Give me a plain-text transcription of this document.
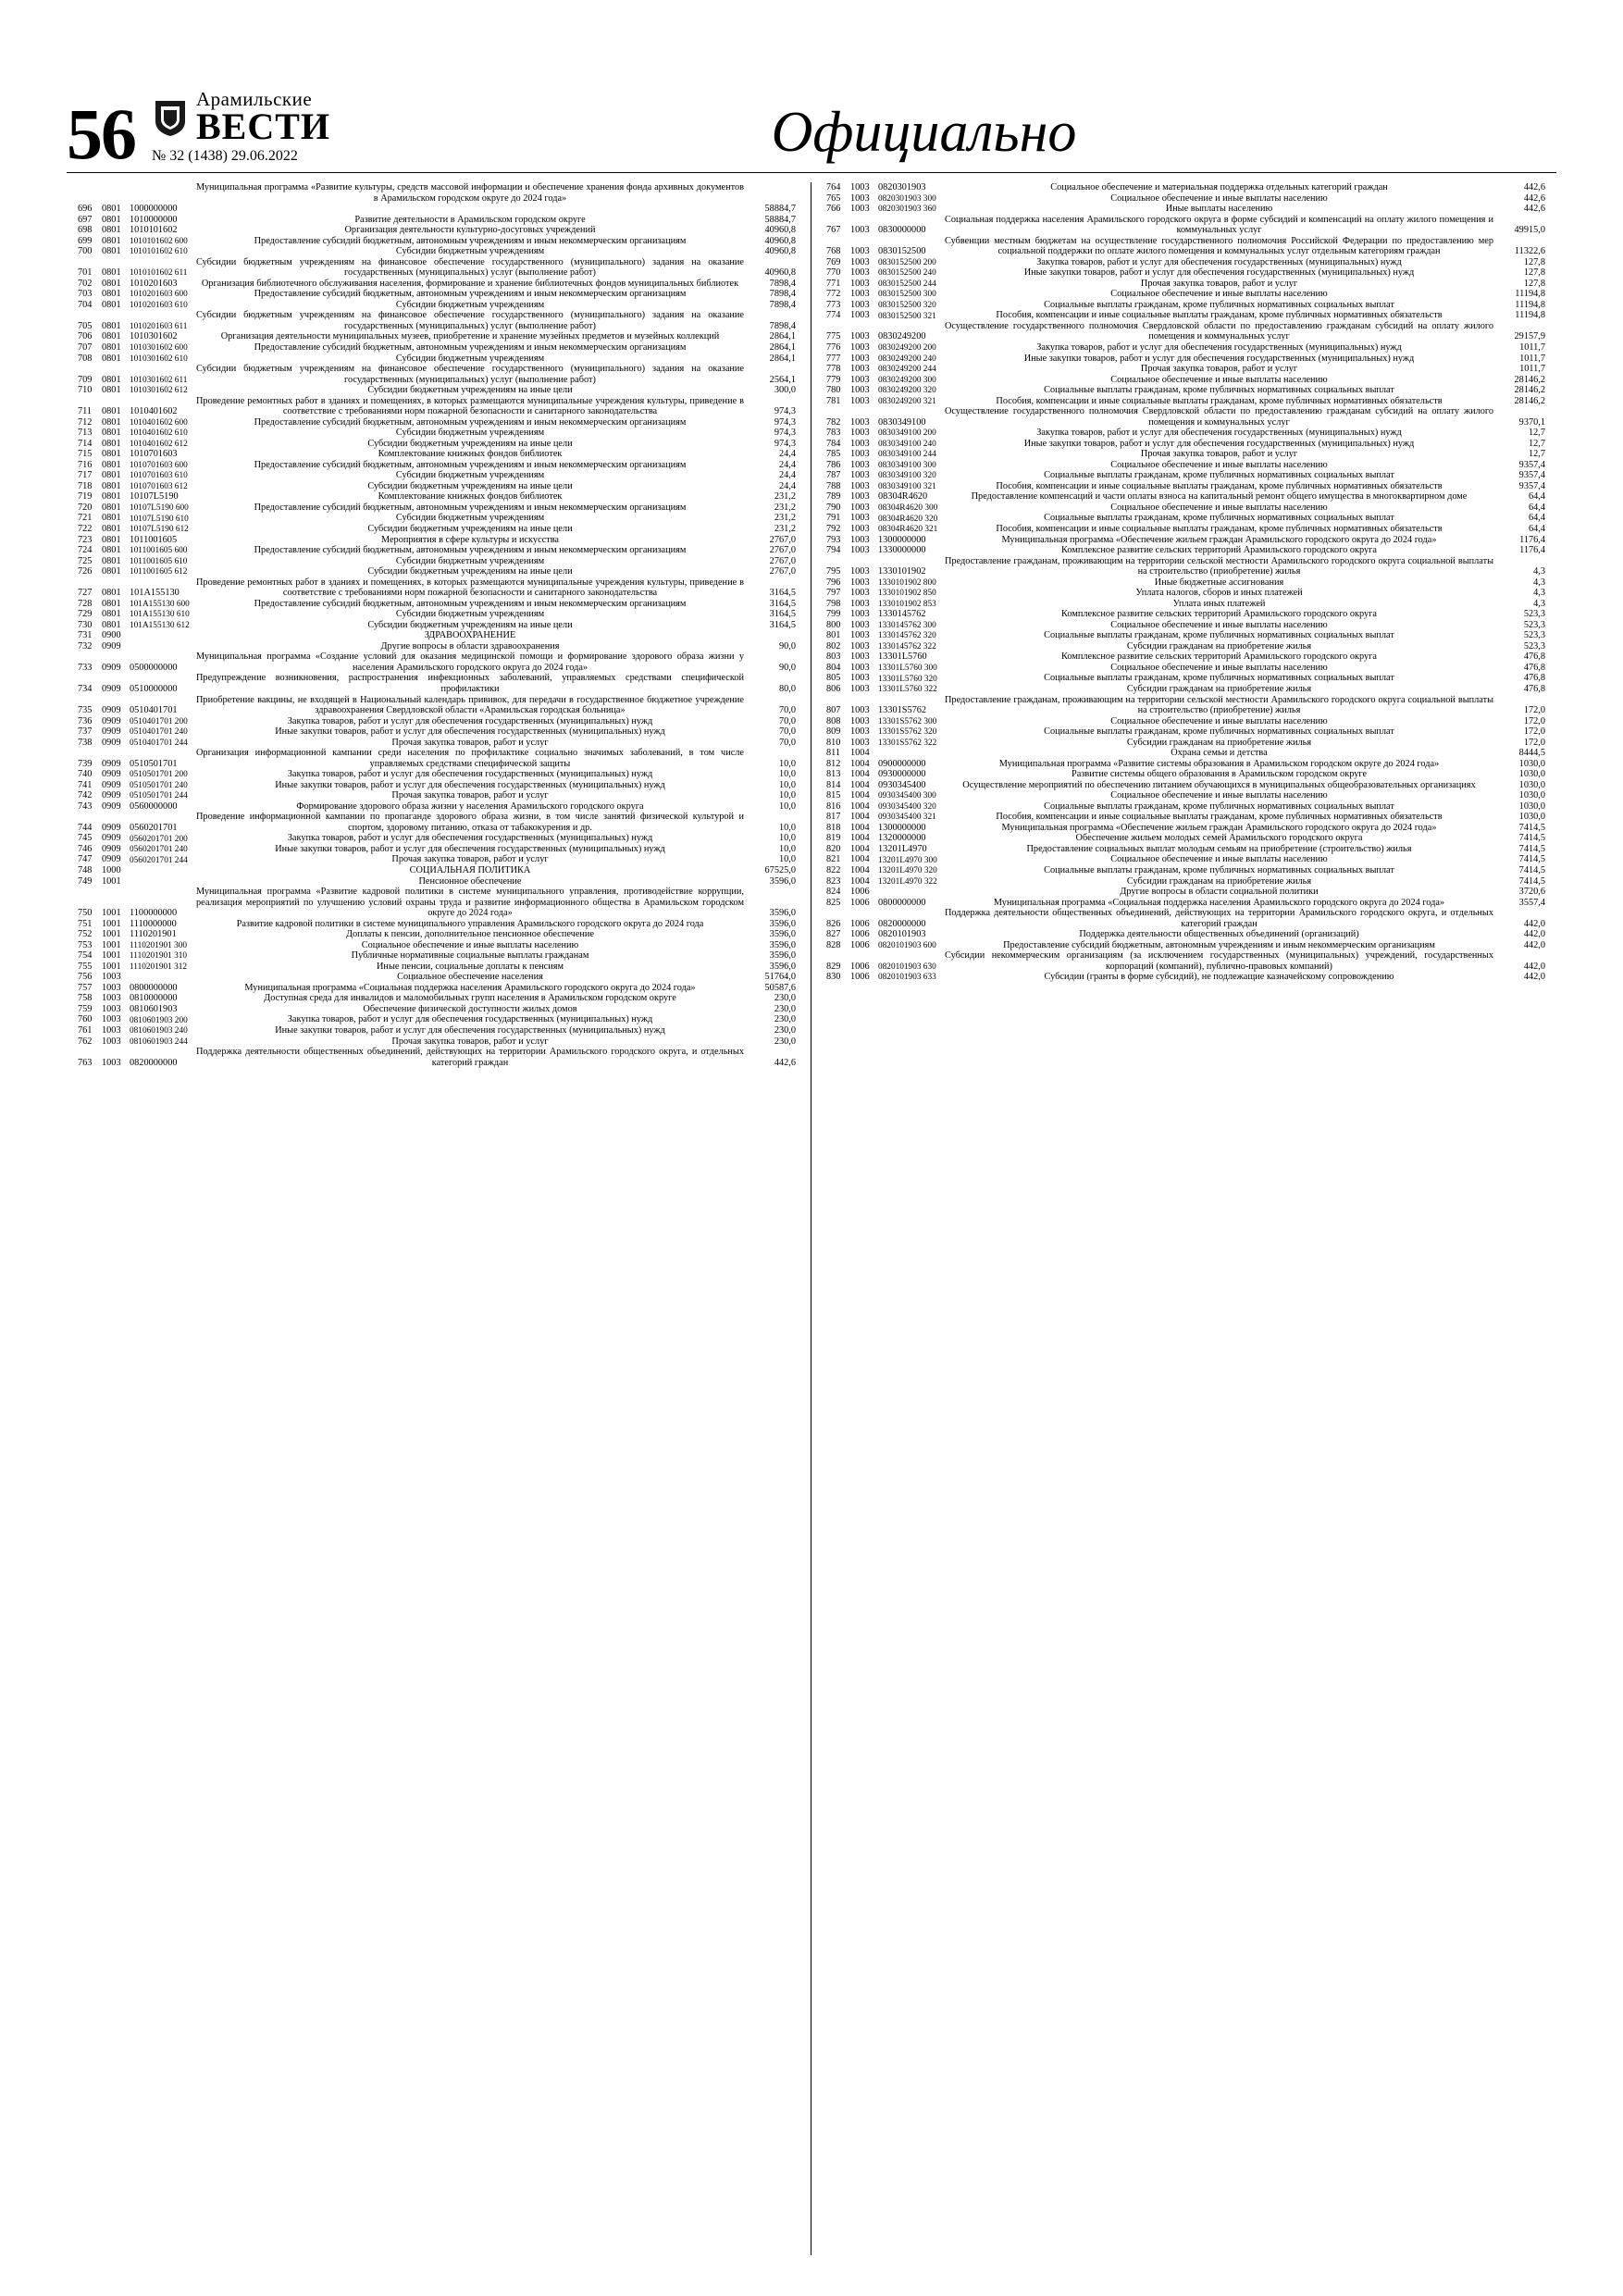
56	Арамильские
ВЕСТИ
№ 32 (1438) 29.06.2022	Официально
			Муниципальная программа «Развитие культуры, средств массовой информации и обеспечение хранения фонда архивных документов в Арамильском городском округе до 2024 года»	
696	0801	1000000000		58884,7
697	0801	1010000000	Развитие деятельности в Арамильском городском округе	58884,7
698	0801	1010101602	Организация деятельности культурно-досуговых учреждений	40960,8
699	0801	1010101602 600	Предоставление субсидий бюджетным, автономным учреждениям и иным некоммерческим организациям	40960,8
700	0801	1010101602 610	Субсидии бюджетным учреждениям	40960,8
701	0801	1010101602 611	Субсидии бюджетным учреждениям на финансовое обеспечение государственного (муниципального) задания на оказание государственных (муниципальных) услуг (выполнение работ)	40960,8
702	0801	1010201603	Организация библиотечного обслуживания населения, формирование и хранение библиотечных фондов муниципальных библиотек	7898,4
703	0801	1010201603 600	Предоставление субсидий бюджетным, автономным учреждениям и иным некоммерческим организациям	7898,4
704	0801	1010201603 610	Субсидии бюджетным учреждениям	7898,4
705	0801	1010201603 611	Субсидии бюджетным учреждениям на финансовое обеспечение государственного (муниципального) задания на оказание государственных (муниципальных) услуг (выполнение работ)	7898,4
706	0801	1010301602	Организация деятельности муниципальных музеев, приобретение и хранение музейных предметов и музейных коллекций	2864,1
707	0801	1010301602 600	Предоставление субсидий бюджетным, автономным учреждениям и иным некоммерческим организациям	2864,1
708	0801	1010301602 610	Субсидии бюджетным учреждениям	2864,1
709	0801	1010301602 611	Субсидии бюджетным учреждениям на финансовое обеспечение государственного (муниципального) задания на оказание государственных (муниципальных) услуг (выполнение работ)	2564,1
710	0801	1010301602 612	Субсидии бюджетным учреждениям на иные цели	300,0
711	0801	1010401602	Проведение ремонтных работ в зданиях и помещениях, в которых размещаются муниципальные учреждения культуры, приведение в соответствие с требованиями норм пожарной безопасности и санитарного законодательства	974,3
712	0801	1010401602 600	Предоставление субсидий бюджетным, автономным учреждениям и иным некоммерческим организациям	974,3
713	0801	1010401602 610	Субсидии бюджетным учреждениям	974,3
714	0801	1010401602 612	Субсидии бюджетным учреждениям на иные цели	974,3
715	0801	1010701603	Комплектование книжных фондов библиотек	24,4
716	0801	1010701603 600	Предоставление субсидий бюджетным, автономным учреждениям и иным некоммерческим организациям	24,4
717	0801	1010701603 610	Субсидии бюджетным учреждениям	24,4
718	0801	1010701603 612	Субсидии бюджетным учреждениям на иные цели	24,4
719	0801	10107L5190	Комплектование книжных фондов библиотек	231,2
720	0801	10107L5190 600	Предоставление субсидий бюджетным, автономным учреждениям и иным некоммерческим организациям	231,2
721	0801	10107L5190 610	Субсидии бюджетным учреждениям	231,2
722	0801	10107L5190 612	Субсидии бюджетным учреждениям на иные цели	231,2
723	0801	1011001605	Мероприятия в сфере культуры и искусства	2767,0
724	0801	1011001605 600	Предоставление субсидий бюджетным, автономным учреждениям и иным некоммерческим организациям	2767,0
725	0801	1011001605 610	Субсидии бюджетным учреждениям	2767,0
726	0801	1011001605 612	Субсидии бюджетным учреждениям на иные цели	2767,0
727	0801	101А155130	Проведение ремонтных работ в зданиях и помещениях, в которых размещаются муниципальные учреждения культуры, приведение в соответствие с требованиями норм пожарной безопасности и санитарного законодательства	3164,5
728	0801	101А155130 600	Предоставление субсидий бюджетным, автономным учреждениям и иным некоммерческим организациям	3164,5
729	0801	101А155130 610	Субсидии бюджетным учреждениям	3164,5
730	0801	101А155130 612	Субсидии бюджетным учреждениям на иные цели	3164,5
731	0900		ЗДРАВООХРАНЕНИЕ	
732	0909		Другие вопросы в области здравоохранения	90,0
733	0909	0500000000	Муниципальная программа «Создание условий для оказания медицинской помощи и формирование здорового образа жизни у населения Арамильского городского округа до 2024 года»	90,0
734	0909	0510000000	Предупреждение возникновения, распространения инфекционных заболеваний, управляемых средствами специфической профилактики	80,0
735	0909	0510401701	Приобретение вакцины, не входящей в Национальный календарь прививок, для передачи в государственное бюджетное учреждение здравоохранения Свердловской области «Арамильская городская больница»	70,0
736	0909	0510401701 200	Закупка товаров, работ и услуг для обеспечения государственных (муниципальных) нужд	70,0
737	0909	0510401701 240	Иные закупки товаров, работ и услуг для обеспечения государственных (муниципальных) нужд	70,0
738	0909	0510401701 244	Прочая закупка товаров, работ и услуг	70,0
739	0909	0510501701	Организация информационной кампании среди населения по профилактике социально значимых заболеваний, в том числе управляемых средствами специфической защиты	10,0
740	0909	0510501701 200	Закупка товаров, работ и услуг для обеспечения государственных (муниципальных) нужд	10,0
741	0909	0510501701 240	Иные закупки товаров, работ и услуг для обеспечения государственных (муниципальных) нужд	10,0
742	0909	0510501701 244	Прочая закупка товаров, работ и услуг	10,0
743	0909	0560000000	Формирование здорового образа жизни у населения Арамильского городского округа	10,0
744	0909	0560201701	Проведение информационной кампании по пропаганде здорового образа жизни, в том числе занятий физической культурой и спортом, здоровому питанию, отказа от табакокурения и др.	10,0
745	0909	0560201701 200	Закупка товаров, работ и услуг для обеспечения государственных (муниципальных) нужд	10,0
746	0909	0560201701 240	Иные закупки товаров, работ и услуг для обеспечения государственных (муниципальных) нужд	10,0
747	0909	0560201701 244	Прочая закупка товаров, работ и услуг	10,0
748	1000		СОЦИАЛЬНАЯ ПОЛИТИКА	67525,0
749	1001		Пенсионное обеспечение	3596,0
750	1001	1100000000	Муниципальная программа «Развитие кадровой политики в системе муниципального управления, противодействие коррупции, реализация мероприятий по улучшению условий охраны труда и развитие информационного общества в Арамильском городском округе до 2024 года»	3596,0
751	1001	1110000000	Развитие кадровой политики в системе муниципального управления Арамильского городского округа до 2024 года	3596,0
752	1001	1110201901	Доплаты к пенсии, дополнительное пенсионное обеспечение	3596,0
753	1001	1110201901 300	Социальное обеспечение и иные выплаты населению	3596,0
754	1001	1110201901 310	Публичные нормативные социальные выплаты гражданам	3596,0
755	1001	1110201901 312	Иные пенсии, социальные доплаты к пенсиям	3596,0
756	1003		Социальное обеспечение населения	51764,0
757	1003	0800000000	Муниципальная программа «Социальная поддержка населения Арамильского городского округа до 2024 года»	50587,6
758	1003	0810000000	Доступная среда для инвалидов и маломобильных групп населения в Арамильском городском округе	230,0
759	1003	0810601903	Обеспечение физической доступности жилых домов	230,0
760	1003	0810601903 200	Закупка товаров, работ и услуг для обеспечения государственных (муниципальных) нужд	230,0
761	1003	0810601903 240	Иные закупки товаров, работ и услуг для обеспечения государственных (муниципальных) нужд	230,0
762	1003	0810601903 244	Прочая закупка товаров, работ и услуг	230,0
763	1003	0820000000	Поддержка деятельности общественных объединений, действующих на территории Арамильского городского округа, и отдельных категорий граждан	442,6
764	1003	0820301903	Социальное обеспечение и материальная поддержка отдельных категорий граждан	442,6
765	1003	0820301903 300	Социальное обеспечение и иные выплаты населению	442,6
766	1003	0820301903 360	Иные выплаты населению	442,6
767	1003	0830000000	Социальная поддержка населения Арамильского городского округа в форме субсидий и компенсаций на оплату жилого помещения и коммунальных услуг	49915,0
768	1003	0830152500	Субвенции местным бюджетам на осуществление государственного полномочия Российской Федерации по предоставлению мер социальной поддержки по оплате жилого помещения и коммунальных услуг отдельным категориям граждан	11322,6
769	1003	0830152500 200	Закупка товаров, работ и услуг для обеспечения государственных (муниципальных) нужд	127,8
770	1003	0830152500 240	Иные закупки товаров, работ и услуг для обеспечения государственных (муниципальных) нужд	127,8
771	1003	0830152500 244	Прочая закупка товаров, работ и услуг	127,8
772	1003	0830152500 300	Социальное обеспечение и иные выплаты населению	11194,8
773	1003	0830152500 320	Социальные выплаты гражданам, кроме публичных нормативных социальных выплат	11194,8
774	1003	0830152500 321	Пособия, компенсации и иные социальные выплаты гражданам, кроме публичных нормативных обязательств	11194,8
775	1003	0830249200	Осуществление государственного полномочия Свердловской области по предоставлению гражданам субсидий на оплату жилого помещения и коммунальных услуг	29157,9
776	1003	0830249200 200	Закупка товаров, работ и услуг для обеспечения государственных (муниципальных) нужд	1011,7
777	1003	0830249200 240	Иные закупки товаров, работ и услуг для обеспечения государственных (муниципальных) нужд	1011,7
778	1003	0830249200 244	Прочая закупка товаров, работ и услуг	1011,7
779	1003	0830249200 300	Социальное обеспечение и иные выплаты населению	28146,2
780	1003	0830249200 320	Социальные выплаты гражданам, кроме публичных нормативных социальных выплат	28146,2
781	1003	0830249200 321	Пособия, компенсации и иные социальные выплаты гражданам, кроме публичных нормативных обязательств	28146,2
782	1003	0830349100	Осуществление государственного полномочия Свердловской области по предоставлению гражданам субсидий на оплату жилого помещения и коммунальных услуг	9370,1
783	1003	0830349100 200	Закупка товаров, работ и услуг для обеспечения государственных (муниципальных) нужд	12,7
784	1003	0830349100 240	Иные закупки товаров, работ и услуг для обеспечения государственных (муниципальных) нужд	12,7
785	1003	0830349100 244	Прочая закупка товаров, работ и услуг	12,7
786	1003	0830349100 300	Социальное обеспечение и иные выплаты населению	9357,4
787	1003	0830349100 320	Социальные выплаты гражданам, кроме публичных нормативных социальных выплат	9357,4
788	1003	0830349100 321	Пособия, компенсации и иные социальные выплаты гражданам, кроме публичных нормативных обязательств	9357,4
789	1003	08304R4620	Предоставление компенсаций и части оплаты взноса на капитальный ремонт общего имущества в многоквартирном доме	64,4
790	1003	08304R4620 300	Социальное обеспечение и иные выплаты населению	64,4
791	1003	08304R4620 320	Социальные выплаты гражданам, кроме публичных нормативных социальных выплат	64,4
792	1003	08304R4620 321	Пособия, компенсации и иные социальные выплаты гражданам, кроме публичных нормативных обязательств	64,4
793	1003	1300000000	Муниципальная программа «Обеспечение жильем граждан Арамильского городского округа до 2024 года»	1176,4
794	1003	1330000000	Комплексное развитие сельских территорий Арамильского городского округа	1176,4
795	1003	1330101902	Предоставление гражданам, проживающим на территории сельской местности Арамильского городского округа социальной выплаты на строительство (приобретение) жилья	4,3
796	1003	1330101902 800	Иные бюджетные ассигнования	4,3
797	1003	1330101902 850	Уплата налогов, сборов и иных платежей	4,3
798	1003	1330101902 853	Уплата иных платежей	4,3
799	1003	1330145762	Комплексное развитие сельских территорий Арамильского городского округа	523,3
800	1003	1330145762 300	Социальное обеспечение и иные выплаты населению	523,3
801	1003	1330145762 320	Социальные выплаты гражданам, кроме публичных нормативных социальных выплат	523,3
802	1003	1330145762 322	Субсидии гражданам на приобретение жилья	523,3
803	1003	13301L5760	Комплексное развитие сельских территорий Арамильского городского округа	476,8
804	1003	13301L5760 300	Социальное обеспечение и иные выплаты населению	476,8
805	1003	13301L5760 320	Социальные выплаты гражданам, кроме публичных нормативных социальных выплат	476,8
806	1003	13301L5760 322	Субсидии гражданам на приобретение жилья	476,8
807	1003	13301S5762	Предоставление гражданам, проживающим на территории сельской местности Арамильского городского округа социальной выплаты на строительство (приобретение) жилья	172,0
808	1003	13301S5762 300	Социальное обеспечение и иные выплаты населению	172,0
809	1003	13301S5762 320	Социальные выплаты гражданам, кроме публичных нормативных социальных выплат	172,0
810	1003	13301S5762 322	Субсидии гражданам на приобретение жилья	172,0
811	1004		Охрана семьи и детства	8444,5
812	1004	0900000000	Муниципальная программа «Развитие системы образования в Арамильском городском округе до 2024 года»	1030,0
813	1004	0930000000	Развитие системы общего образования в Арамильском городском округе	1030,0
814	1004	0930345400	Осуществление мероприятий по обеспечению питанием обучающихся в муниципальных общеобразовательных организациях	1030,0
815	1004	0930345400 300	Социальное обеспечение и иные выплаты населению	1030,0
816	1004	0930345400 320	Социальные выплаты гражданам, кроме публичных нормативных социальных выплат	1030,0
817	1004	0930345400 321	Пособия, компенсации и иные социальные выплаты гражданам, кроме публичных нормативных обязательств	1030,0
818	1004	1300000000	Муниципальная программа «Обеспечение жильем граждан Арамильского городского округа до 2024 года»	7414,5
819	1004	1320000000	Обеспечение жильем молодых семей Арамильского городского округа	7414,5
820	1004	13201L4970	Предоставление социальных выплат молодым семьям на приобретение (строительство) жилья	7414,5
821	1004	13201L4970 300	Социальное обеспечение и иные выплаты населению	7414,5
822	1004	13201L4970 320	Социальные выплаты гражданам, кроме публичных нормативных социальных выплат	7414,5
823	1004	13201L4970 322	Субсидии гражданам на приобретение жилья	7414,5
824	1006		Другие вопросы в области социальной политики	3720,6
825	1006	0800000000	Муниципальная программа «Социальная поддержка населения Арамильского городского округа до 2024 года»	3557,4
826	1006	0820000000	Поддержка деятельности общественных объединений, действующих на территории Арамильского городского округа, и отдельных категорий граждан	442,0
827	1006	0820101903	Поддержка деятельности общественных объединений (организаций)	442,0
828	1006	0820101903 600	Предоставление субсидий бюджетным, автономным учреждениям и иным некоммерческим организациям	442,0
829	1006	0820101903 630	Субсидии некоммерческим организациям (за исключением государственных (муниципальных) учреждений, государственных корпораций (компаний), публично-правовых компаний)	442,0
830	1006	0820101903 633	Субсидии (гранты в форме субсидий), не подлежащие казначейскому сопровождению	442,0
